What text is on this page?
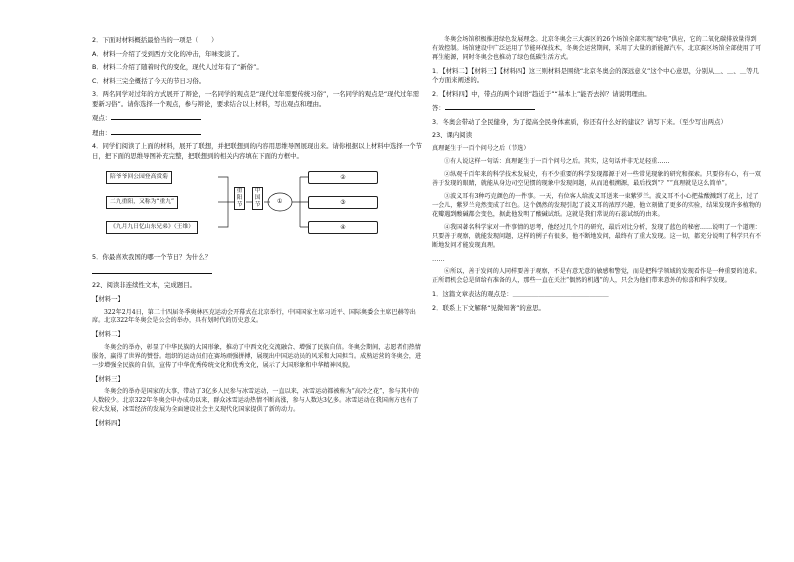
2．下面对材料概括最恰当的一项是（　　）

A．材料一介绍了受到西方文化的冲击，年味变淡了。

B．材料二介绍了随着时代的变化，现代人过年有了“新俗”。

C．材料三完全概括了今天的节日习俗。

3．两名同学对过年的方式展开了辩论，一名同学的观点是“现代过年需要传统习俗”，一名同学的观点是“现代过年需要新习俗”。请你选择一个观点，参与辩论，要求结合以上材料，写出观点和理由。

观点：

理由：

4．同学们阅读了上面的材料，展开了联想，并把联想到的内容用思维导图展现出来。请你根据以上材料中选择一个节日，把下面的思维导图补充完整，把联想到的相关内容填在下面的方框中。

陪爷爷回公园登高赏菊
二九重阳，又称为“重九”
《九月九日忆山东兄弟》（王维）
重阳节
中国节	①
②
③
④

5．你最喜欢我国的哪一个节日？为什么？

22、阅读非连续性文本，完成题目。

【材料一】

322年2月4日，第二十四届冬季奥林匹克运动会开幕式在北京举行，中国国家主席习近平、国际奥委会主席巴赫等出席。北京322年冬奥会是公会的举办，具有划时代的历史意义。

【材料二】

冬奥会的举办，彰显了中华民族的大国形象，推动了中西文化交流融合、增强了民族自信。冬奥会期间，志愿者们热情服务，赢得了世界的赞誉。组织的运动员们在赛场顽强拼搏，展现出中国运动员的风采和大国担当。成熟运营的冬奥会，进一步增强全民族的自信，宣传了中华优秀传统文化和优秀文化，展示了大国形象和中华精神风貌。

【材料三】

冬奥会的举办是国家的大事，带动了3亿多人民参与冰雪运动，一直以来，冰雪运动都被称为“高冷之花”，参与其中的人数较少。北京322年冬奥会申办成功以来，群众冰雪运动热情不断高涨，参与人数达3亿多。冰雪运动在我国南方也有了较大发展，冰雪经济的发展为全面建设社会主义现代化国家提供了新的动力。

【材料四】

冬奥会场馆积极推进绿色发展理念。北京冬奥会三大赛区的26个场馆全部实现“绿电”供应，它的二氧化碳排放量得到有效控制。场馆建设中广泛运用了节能环保技术，冬奥会运营期间，采用了大量的新能源汽车，北京赛区场馆全部使用了可再生能源，同时冬奥会也推动了绿色低碳生活方式。

1．【材料二】【材料三】【材料四】这三则材料是围绕“北京冬奥会的深远意义”这个中心意思，分别从＿、＿、＿等几个方面来阐述的。

2．【材料四】中，带点的两个词语“趋近于”“基本上”能否去掉？请说明理由。

答：

3．冬奥会带动了全民健身，为了提高全民身体素质，你还有什么好的建议？请写下来。（至少写出两点）

23、课内阅读

真理诞生于一百个问号之后（节选）

①有人说这样一句话：真理诞生于一百个问号之后。其实，这句话并非无足轻重……

②纵观千百年来的科学技术发展史，有不少重要的科学发现都源于对一些常见现象的研究和探索。只要你有心，有一双善于发现的眼睛，就能从身边司空见惯的现象中发现问题，从而追根溯源，最后找到“？”“真理就是这么简单”。

③波义耳有3种巧克颜色的一件事。一天，有位客人给波义耳送来一束紫罗兰。波义耳不小心把盐酸溅到了花上，过了一会儿，紫罗兰竟然变成了红色。这个偶然的发现引起了波义耳的浓厚兴趣，他立刻做了更多的实验，结果发现许多植物的花瓣遇到酸碱都会变色，据此他发明了酸碱试纸。这就是我们常说的石蕊试纸的由来。

④我国著名科学家对一件事情的思考，他经过几个月的研究，最后对比分析，发现了蓝色的秘密……说明了一个道理：只要善于观察，就能发现问题，这样的例子有很多，他不断地发问，最终有了重大发现。这一切，都充分说明了科学只有不断地发问才能发现真理。

……

⑥所以，善于发问的人同样要善于观察，不是有意无意的敏感和警觉，而是把科学领域的发现看作是一种重要的追求。正所谓机会总是留给有准备的人，那些一直在关注“偶然的机遇”的人，只会为他们带来意外的惊喜和科学发现。

1．这篇文章表达的观点是：＿＿＿＿＿＿＿＿＿＿＿＿＿＿＿

2．联系上下文解释“见微知著”的意思。
